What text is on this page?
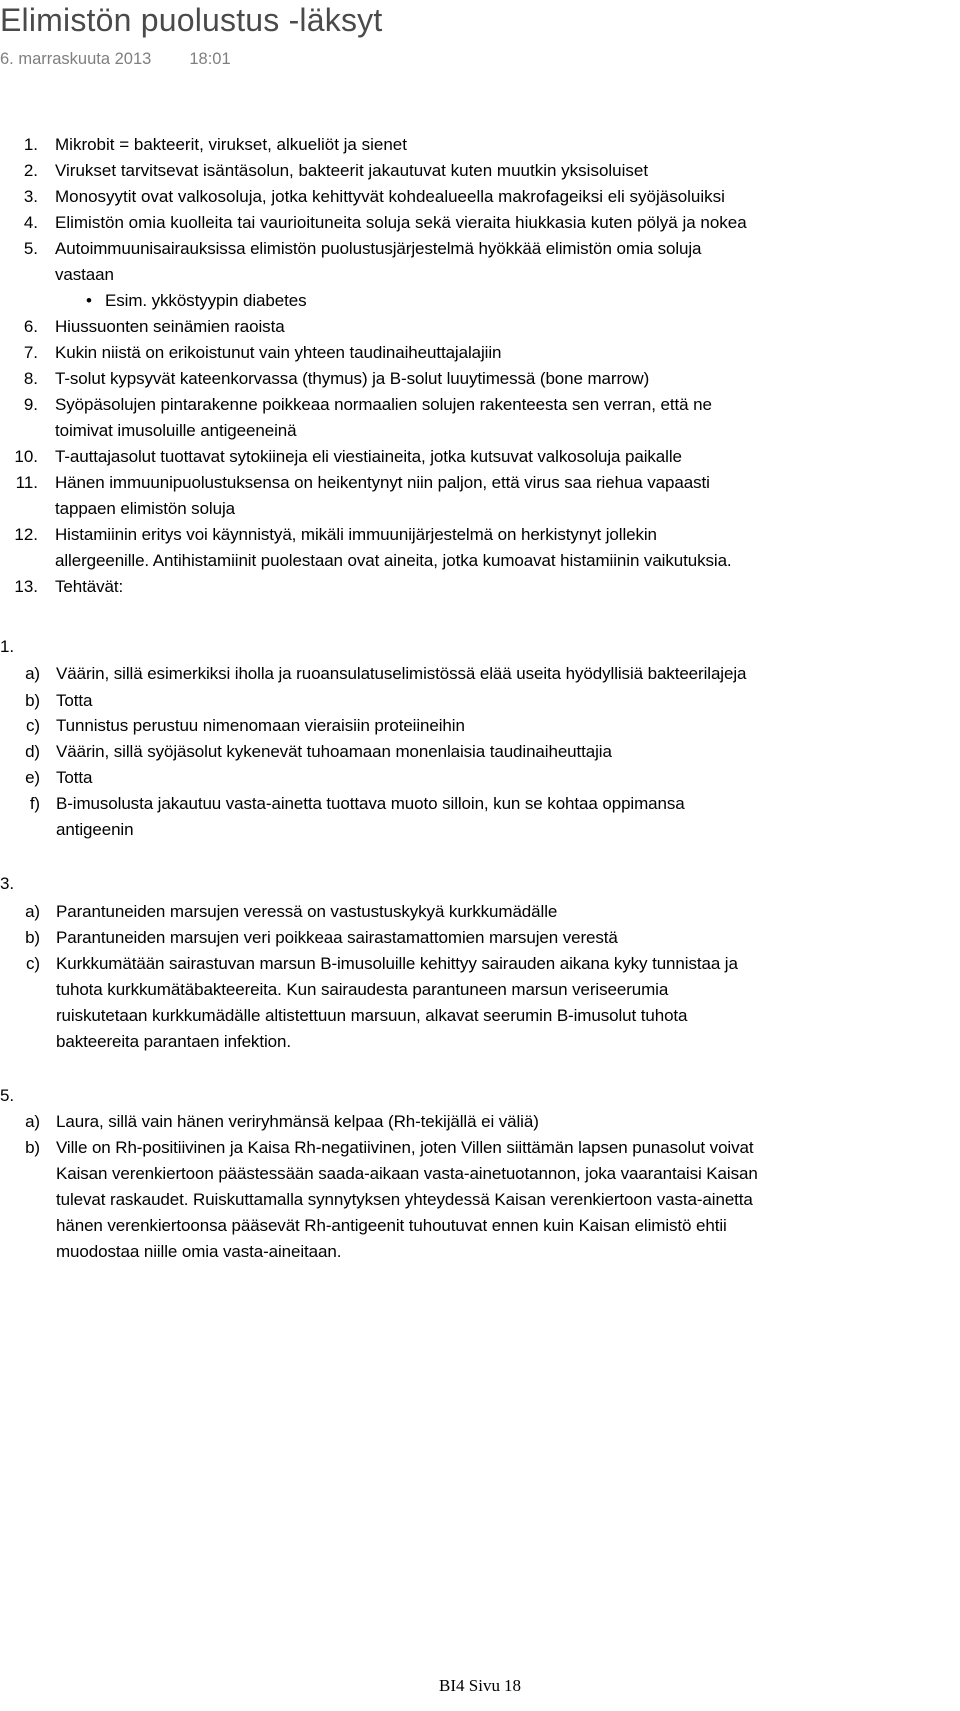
Elimistön puolustus -läksyt
6. marraskuuta 2013 18:01
1. Mikrobit = bakteerit, virukset, alkueliöt ja sienet
2. Virukset tarvitsevat isäntäsolun, bakteerit jakautuvat kuten muutkin yksisoluiset
3. Monosyytit ovat valkosoluja, jotka kehittyvät kohdealueella makrofageiksi eli syöjäsoluiksi
4. Elimistön omia kuolleita tai vaurioituneita soluja sekä vieraita hiukkasia kuten pölyä ja nokea
5. Autoimmuunisairauksissa elimistön puolustusjärjestelmä hyökkää elimistön omia soluja
vastaan
• Esim. ykköstyypin diabetes
6. Hiussuonten seinämien raoista
7. Kukin niistä on erikoistunut vain yhteen taudinaiheuttajalajiin
8. T-solut kypsyvät kateenkorvassa (thymus) ja B-solut luuytimessä (bone marrow)
9. Syöpäsolujen pintarakenne poikkeaa normaalien solujen rakenteesta sen verran, että ne
toimivat imusoluille antigeeneinä
10. T-auttajasolut tuottavat sytokiineja eli viestiaineita, jotka kutsuvat valkosoluja paikalle
11. Hänen immuunipuolustuksensa on heikentynyt niin paljon, että virus saa riehua vapaasti
tappaen elimistön soluja
12. Histamiinin eritys voi käynnistyä, mikäli immuunijärjestelmä on herkistynyt jollekin
allergeenille. Antihistamiinit puolestaan ovat aineita, jotka kumoavat histamiinin vaikutuksia.
13. Tehtävät:
1.
a) Väärin, sillä esimerkiksi iholla ja ruoansulatuselimistössä elää useita hyödyllisiä bakteerilajeja
b) Totta
c) Tunnistus perustuu nimenomaan vieraisiin proteiineihin
d) Väärin, sillä syöjäsolut kykenevät tuhoamaan monenlaisia taudinaiheuttajia
e) Totta
f) B-imusolusta jakautuu vasta-ainetta tuottava muoto silloin, kun se kohtaa oppimansa
antigeenin
3.
a) Parantuneiden marsujen veressä on vastustuskykyä kurkkumädälle
b) Parantuneiden marsujen veri poikkeaa sairastamattomien marsujen verestä
c) Kurkkumätään sairastuvan marsun B-imusoluille kehittyy sairauden aikana kyky tunnistaa ja
tuhota kurkkumätäbakteereita. Kun sairaudesta parantuneen marsun veriseerumia
ruiskutetaan kurkkumädälle altistettuun marsuun, alkavat seerumin B-imusolut tuhota
bakteereita parantaen infektion.
5.
a) Laura, sillä vain hänen veriryhmänsä kelpaa (Rh-tekijällä ei väliä)
b) Ville on Rh-positiivinen ja Kaisa Rh-negatiivinen, joten Villen siittämän lapsen punasolut voivat
Kaisan verenkiertoon päästessään saada-aikaan vasta-ainetuotannon, joka vaarantaisi Kaisan
tulevat raskaudet. Ruiskuttamalla synnytyksen yhteydessä Kaisan verenkiertoon vasta-ainetta
hänen verenkiertoonsa pääsevät Rh-antigeenit tuhoutuvat ennen kuin Kaisan elimistö ehtii
muodostaa niille omia vasta-aineitaan.
BI4 Sivu 18
